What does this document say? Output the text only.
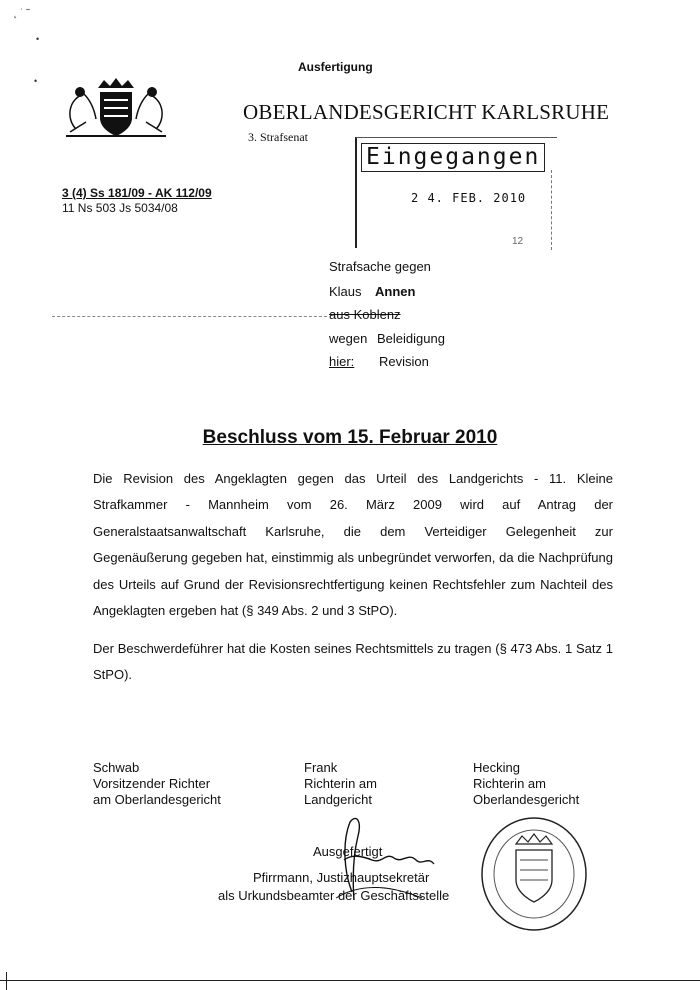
˛ ˙ ˜
•
•
Ausfertigung
OBERLANDESGERICHT KARLSRUHE
3. Strafsenat
3 (4) Ss 181/09 - AK 112/09
11 Ns 503 Js 5034/08
Eingegangen
2 4. FEB. 2010
12
Strafsache gegen
Klaus Annen
aus Koblenz
wegen Beleidigung
hier: Revision
Beschluss vom 15. Februar 2010
Die Revision des Angeklagten gegen das Urteil des Landgerichts - 11. Kleine Strafkammer - Mannheim vom 26. März 2009 wird auf Antrag der Generalstaatsanwaltschaft Karlsruhe, die dem Verteidiger Gelegenheit zur Gegenäußerung gegeben hat, einstimmig als unbegründet verworfen, da die Nachprüfung des Urteils auf Grund der Revisionsrechtfertigung keinen Rechtsfehler zum Nachteil des Angeklagten ergeben hat (§ 349 Abs. 2 und 3 StPO).
Der Beschwerdeführer hat die Kosten seines Rechtsmittels zu tragen (§ 473 Abs. 1 Satz 1 StPO).
Schwab
Vorsitzender Richter
am Oberlandesgericht
Frank
Richterin am
Landgericht
Hecking
Richterin am
Oberlandesgericht
Ausgefertigt
Pfirrmann, Justizhauptsekretär
als Urkundsbeamter der Geschäftsstelle
